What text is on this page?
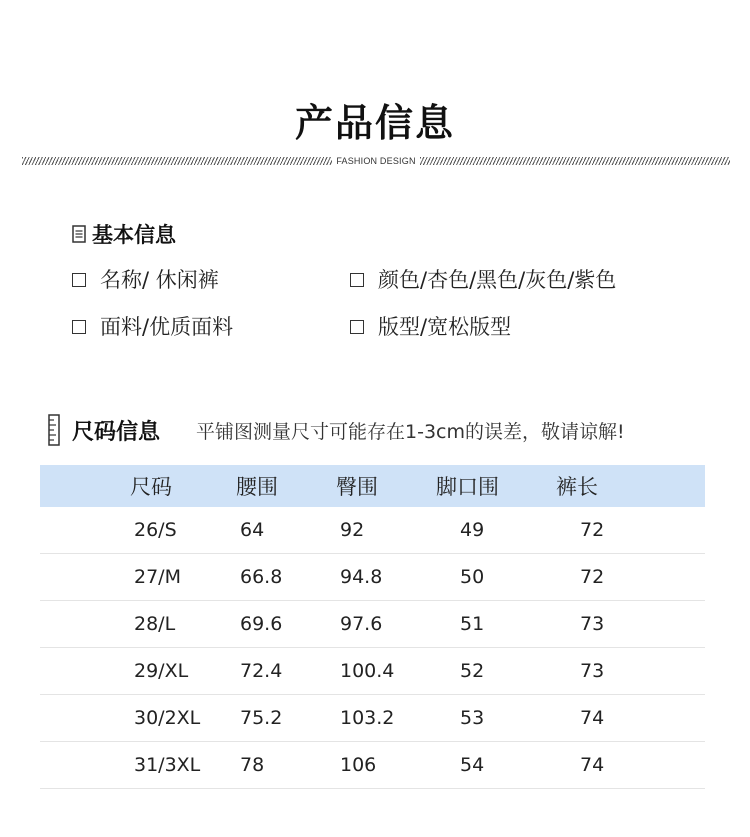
产品信息
FASHION DESIGN
基本信息
名称/ 休闲裤	颜色/杏色/黑色/灰色/紫色
面料/优质面料	版型/宽松版型
尺码信息 平铺图测量尺寸可能存在1-3cm的误差，敬请谅解!
	尺码	腰围	臀围	脚口围	裤长
	26/S	64	92	49	72
	27/M	66.8	94.8	50	72
	28/L	69.6	97.6	51	73
	29/XL	72.4	100.4	52	73
	30/2XL	75.2	103.2	53	74
	31/3XL	78	106	54	74
